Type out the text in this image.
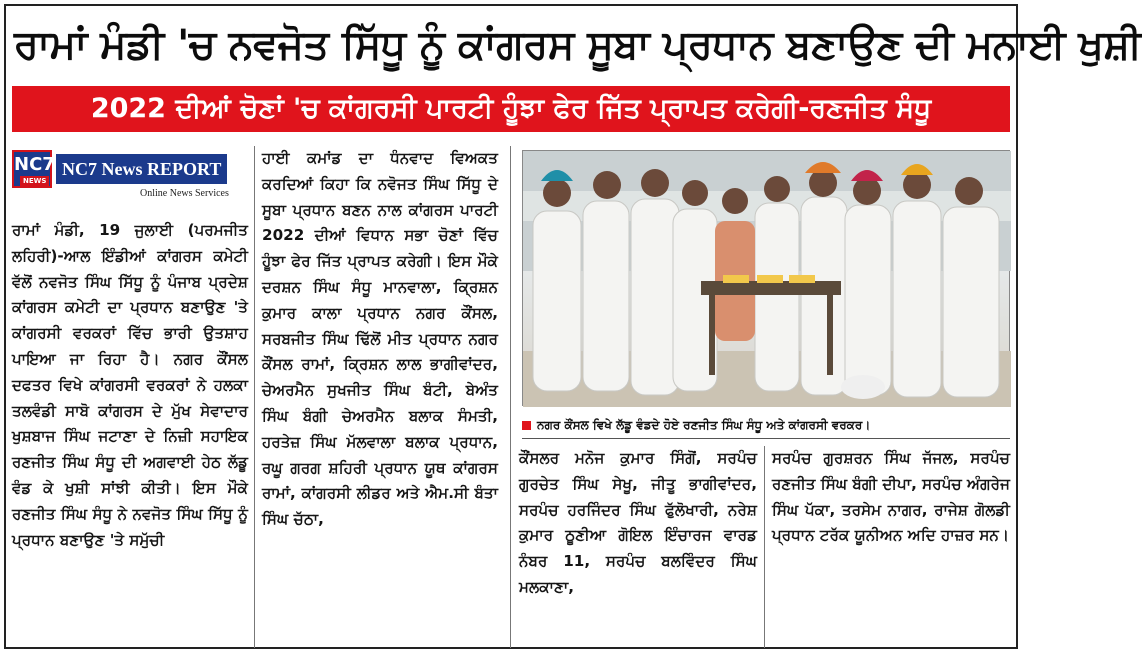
ਰਾਮਾਂ ਮੰਡੀ 'ਚ ਨਵਜੋਤ ਸਿੱਧੂ ਨੂੰ ਕਾਂਗਰਸ ਸੂਬਾ ਪ੍ਰਧਾਨ ਬਣਾਉਣ ਦੀ ਮਨਾਈ ਖੁਸ਼ੀ
2022 ਦੀਆਂ ਚੋਣਾਂ 'ਚ ਕਾਂਗਰਸੀ ਪਾਰਟੀ ਹੂੰਝਾ ਫੇਰ ਜਿੱਤ ਪ੍ਰਾਪਤ ਕਰੇਗੀ-ਰਣਜੀਤ ਸੰਧੂ
NC7
NEWS
NC7 News REPORT
Online News Services

ਰਾਮਾਂ ਮੰਡੀ, 19 ਜੁਲਾਈ (ਪਰਮਜੀਤ ਲਹਿਰੀ)-ਆਲ ਇੰਡੀਆਂ ਕਾਂਗਰਸ ਕਮੇਟੀ ਵੱਲੋਂ ਨਵਜੋਤ ਸਿੰਘ ਸਿੱਧੂ ਨੂੰ ਪੰਜਾਬ ਪ੍ਰਦੇਸ਼ ਕਾਂਗਰਸ ਕਮੇਟੀ ਦਾ ਪ੍ਰਧਾਨ ਬਣਾਉਣ 'ਤੇ ਕਾਂਗਰਸੀ ਵਰਕਰਾਂ ਵਿੱਚ ਭਾਰੀ ਉਤਸ਼ਾਹ ਪਾਇਆ ਜਾ ਰਿਹਾ ਹੈ। ਨਗਰ ਕੌਂਸਲ ਦਫਤਰ ਵਿਖੇ ਕਾਂਗਰਸੀ ਵਰਕਰਾਂ ਨੇ ਹਲਕਾ ਤਲਵੰਡੀ ਸਾਬੋ ਕਾਂਗਰਸ ਦੇ ਮੁੱਖ ਸੇਵਾਦਾਰ ਖੁਸ਼ਬਾਜ ਸਿੰਘ ਜਟਾਣਾ ਦੇ ਨਿਜ਼ੀ ਸਹਾਇਕ ਰਣਜੀਤ ਸਿੰਘ ਸੰਧੂ ਦੀ ਅਗਵਾਈ ਹੇਠ ਲੱਡੂ ਵੰਡ ਕੇ ਖੁਸ਼ੀ ਸਾਂਝੀ ਕੀਤੀ। ਇਸ ਮੌਕੇ ਰਣਜੀਤ ਸਿੰਘ ਸੰਧੂ ਨੇ ਨਵਜੋਤ ਸਿੰਘ ਸਿੱਧੂ ਨੂੰ ਪ੍ਰਧਾਨ ਬਣਾਉਣ 'ਤੇ ਸਮੁੱਚੀ

ਹਾਈ ਕਮਾਂਡ ਦਾ ਧੰਨਵਾਦ ਵਿਅਕਤ ਕਰਦਿਆਂ ਕਿਹਾ ਕਿ ਨਵੋਜਤ ਸਿੰਘ ਸਿੱਧੂ ਦੇ ਸੂਬਾ ਪ੍ਰਧਾਨ ਬਣਨ ਨਾਲ ਕਾਂਗਰਸ ਪਾਰਟੀ 2022 ਦੀਆਂ ਵਿਧਾਨ ਸਭਾ ਚੋਣਾਂ ਵਿੱਚ ਹੂੰਝਾ ਫੇਰ ਜਿੱਤ ਪ੍ਰਾਪਤ ਕਰੇਗੀ। ਇਸ ਮੌਕੇ ਦਰਸ਼ਨ ਸਿੰਘ ਸੰਧੂ ਮਾਨਵਾਲਾ, ਕ੍ਰਿਸ਼ਨ ਕੁਮਾਰ ਕਾਲਾ ਪ੍ਰਧਾਨ ਨਗਰ ਕੌਂਸਲ, ਸਰਬਜੀਤ ਸਿੰਘ ਢਿੱਲੋਂ ਮੀਤ ਪ੍ਰਧਾਨ ਨਗਰ ਕੌਂਸਲ ਰਾਮਾਂ, ਕ੍ਰਿਸ਼ਨ ਲਾਲ ਭਾਗੀਵਾਂਦਰ, ਚੇਅਰਮੈਨ ਸੁਖਜੀਤ ਸਿੰਘ ਬੰਟੀ, ਬੇਅੰਤ ਸਿੰਘ ਬੰਗੀ ਚੇਅਰਮੈਨ ਬਲਾਕ ਸੰਮਤੀ, ਹਰਤੇਜ਼ ਸਿੰਘ ਮੱਲਵਾਲਾ ਬਲਾਕ ਪ੍ਰਧਾਨ, ਰਘੂ ਗਰਗ ਸ਼ਹਿਰੀ ਪ੍ਰਧਾਨ ਯੂਥ ਕਾਂਗਰਸ ਰਾਮਾਂ, ਕਾਂਗਰਸੀ ਲੀਡਰ ਅਤੇ ਐਮ.ਸੀ ਬੰਤਾ ਸਿੰਘ ਚੱਠਾ,

ਕੌਂਸਲਰ ਮਨੋਜ ਕੁਮਾਰ ਸਿੰਗੋਂ, ਸਰਪੰਚ ਗੁਰਚੇਤ ਸਿੰਘ ਸੇਖੂ, ਜੀਤੂ ਭਾਗੀਵਾਂਦਰ, ਸਰਪੰਚ ਹਰਜਿੰਦਰ ਸਿੰਘ ਫੁੱਲੋਖਾਰੀ, ਨਰੇਸ਼ ਕੁਮਾਰ ਠੂਣੀਆ ਗੋਇਲ ਇੰਚਾਰਜ ਵਾਰਡ ਨੰਬਰ 11, ਸਰਪੰਚ ਬਲਵਿੰਦਰ ਸਿੰਘ ਮਲਕਾਣਾ,

ਸਰਪੰਚ ਗੁਰਸ਼ਰਨ ਸਿੰਘ ਜੱਜਲ, ਸਰਪੰਚ ਰਣਜੀਤ ਸਿੰਘ ਬੰਗੀ ਦੀਪਾ, ਸਰਪੰਚ ਅੰਗਰੇਜ ਸਿੰਘ ਪੱਕਾ, ਤਰਸੇਮ ਨਾਗਰ, ਰਾਜੇਸ਼ ਗੋਲਡੀ ਪ੍ਰਧਾਨ ਟਰੱਕ ਯੂਨੀਅਨ ਅਦਿ ਹਾਜ਼ਰ ਸਨ।

ਨਗਰ ਕੌਂਸਲ ਵਿਖੇ ਲੱਡੂ ਵੰਡਦੇ ਹੋਏ ਰਣਜੀਤ ਸਿੰਘ ਸੰਧੂ ਅਤੇ ਕਾਂਗਰਸੀ ਵਰਕਰ।
